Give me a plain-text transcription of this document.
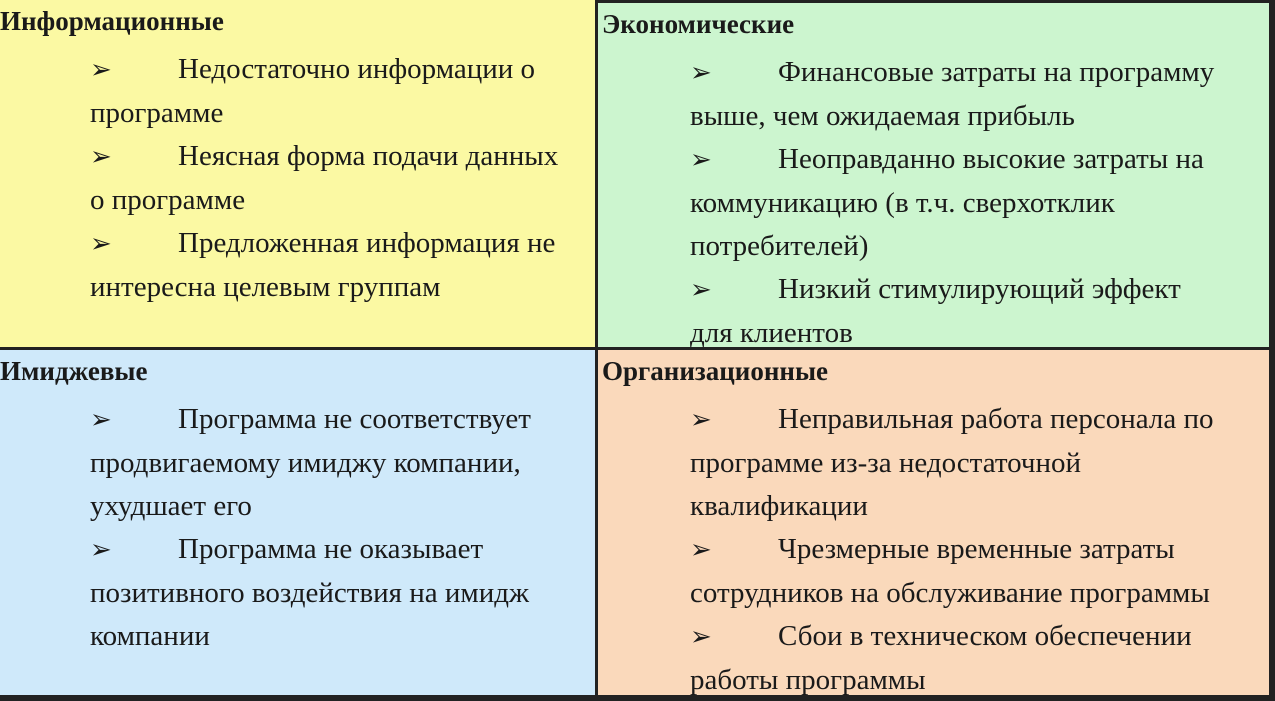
Информационные
➢ Недостаточно информации о
программе
➢ Неясная форма подачи данных
о программе
➢ Предложенная информация не
интересна целевым группам
Экономические
➢ Финансовые затраты на программу
выше, чем ожидаемая прибыль
➢ Неоправданно высокие затраты на
коммуникацию (в т.ч. сверхотклик
потребителей)
➢ Низкий стимулирующий эффект
для клиентов
Имиджевые
➢ Программа не соответствует
продвигаемому имиджу компании,
ухудшает его
➢ Программа не оказывает
позитивного воздействия на имидж
компании
Организационные
➢ Неправильная работа персонала по
программе из-за недостаточной
квалификации
➢ Чрезмерные временные затраты
сотрудников на обслуживание программы
➢ Сбои в техническом обеспечении
работы программы
